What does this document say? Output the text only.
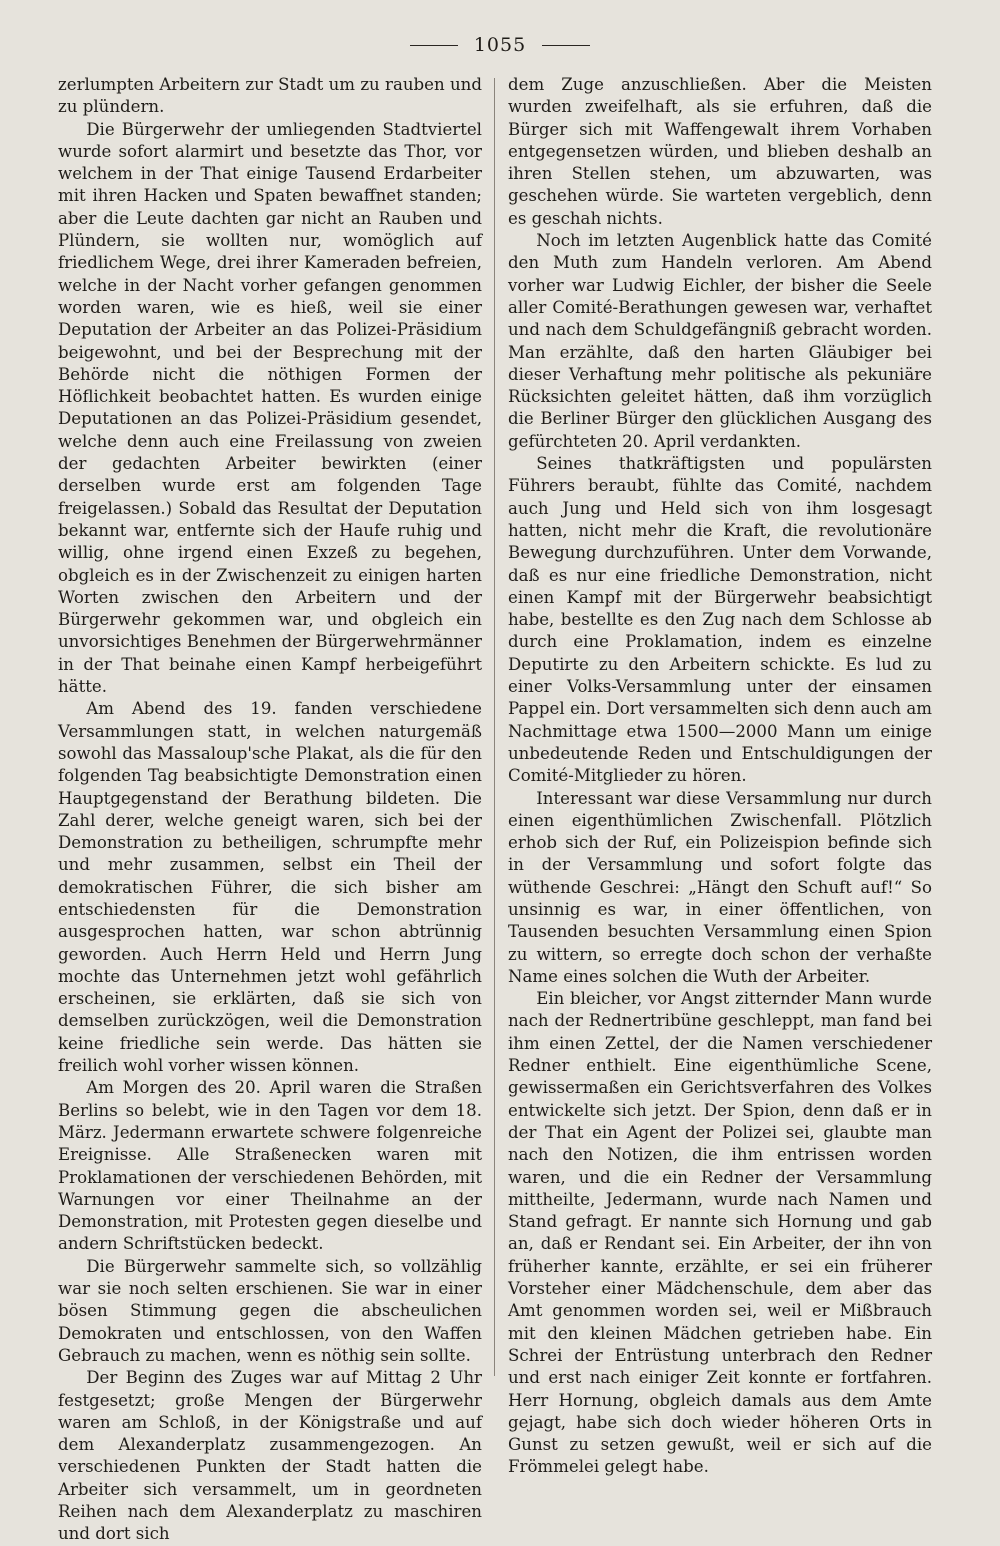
1055

zerlumpten Arbeitern zur Stadt um zu rauben und zu plündern.

Die Bürgerwehr der umliegenden Stadtviertel wurde sofort alarmirt und besetzte das Thor, vor welchem in der That einige Tausend Erdarbeiter mit ihren Hacken und Spaten bewaffnet standen; aber die Leute dachten gar nicht an Rauben und Plündern, sie wollten nur, womöglich auf friedlichem Wege, drei ihrer Kameraden befreien, welche in der Nacht vorher gefangen genommen worden waren, wie es hieß, weil sie einer Deputation der Arbeiter an das Polizei-Präsidium beigewohnt, und bei der Besprechung mit der Behörde nicht die nöthigen Formen der Höflichkeit beobachtet hatten. Es wurden einige Deputationen an das Polizei-Präsidium gesendet, welche denn auch eine Freilassung von zweien der gedachten Arbeiter bewirkten (einer derselben wurde erst am folgenden Tage freigelassen.) Sobald das Resultat der Deputation bekannt war, entfernte sich der Haufe ruhig und willig, ohne irgend einen Exzeß zu begehen, obgleich es in der Zwischenzeit zu einigen harten Worten zwischen den Arbeitern und der Bürgerwehr gekommen war, und obgleich ein unvorsichtiges Benehmen der Bürgerwehrmänner in der That beinahe einen Kampf herbeigeführt hätte.

Am Abend des 19. fanden verschiedene Versammlungen statt, in welchen naturgemäß sowohl das Massaloup'sche Plakat, als die für den folgenden Tag beabsichtigte Demonstration einen Hauptgegenstand der Berathung bildeten. Die Zahl derer, welche geneigt waren, sich bei der Demonstration zu betheiligen, schrumpfte mehr und mehr zusammen, selbst ein Theil der demokratischen Führer, die sich bisher am entschiedensten für die Demonstration ausgesprochen hatten, war schon abtrünnig geworden. Auch Herrn Held und Herrn Jung mochte das Unternehmen jetzt wohl gefährlich erscheinen, sie erklärten, daß sie sich von demselben zurückzögen, weil die Demonstration keine friedliche sein werde. Das hätten sie freilich wohl vorher wissen können.

Am Morgen des 20. April waren die Straßen Berlins so belebt, wie in den Tagen vor dem 18. März. Jedermann erwartete schwere folgenreiche Ereignisse. Alle Straßenecken waren mit Proklamationen der verschiedenen Behörden, mit Warnungen vor einer Theilnahme an der Demonstration, mit Protesten gegen dieselbe und andern Schriftstücken bedeckt.

Die Bürgerwehr sammelte sich, so vollzählig war sie noch selten erschienen. Sie war in einer bösen Stimmung gegen die abscheulichen Demokraten und entschlossen, von den Waffen Gebrauch zu machen, wenn es nöthig sein sollte.

Der Beginn des Zuges war auf Mittag 2 Uhr festgesetzt; große Mengen der Bürgerwehr waren am Schloß, in der Königstraße und auf dem Alexanderplatz zusammengezogen. An verschiedenen Punkten der Stadt hatten die Arbeiter sich versammelt, um in geordneten Reihen nach dem Alexanderplatz zu maschiren und dort sich

dem Zuge anzuschließen. Aber die Meisten wurden zweifelhaft, als sie erfuhren, daß die Bürger sich mit Waffengewalt ihrem Vorhaben entgegensetzen würden, und blieben deshalb an ihren Stellen stehen, um abzuwarten, was geschehen würde. Sie warteten vergeblich, denn es geschah nichts.

Noch im letzten Augenblick hatte das Comité den Muth zum Handeln verloren. Am Abend vorher war Ludwig Eichler, der bisher die Seele aller Comité-Berathungen gewesen war, verhaftet und nach dem Schuldgefängniß gebracht worden. Man erzählte, daß den harten Gläubiger bei dieser Verhaftung mehr politische als pekuniäre Rücksichten geleitet hätten, daß ihm vorzüglich die Berliner Bürger den glücklichen Ausgang des gefürchteten 20. April verdankten.

Seines thatkräftigsten und populärsten Führers beraubt, fühlte das Comité, nachdem auch Jung und Held sich von ihm losgesagt hatten, nicht mehr die Kraft, die revolutionäre Bewegung durchzuführen. Unter dem Vorwande, daß es nur eine friedliche Demonstration, nicht einen Kampf mit der Bürgerwehr beabsichtigt habe, bestellte es den Zug nach dem Schlosse ab durch eine Proklamation, indem es einzelne Deputirte zu den Arbeitern schickte. Es lud zu einer Volks-Versammlung unter der einsamen Pappel ein. Dort versammelten sich denn auch am Nachmittage etwa 1500—2000 Mann um einige unbedeutende Reden und Entschuldigungen der Comité-Mitglieder zu hören.

Interessant war diese Versammlung nur durch einen eigenthümlichen Zwischenfall. Plötzlich erhob sich der Ruf, ein Polizeispion befinde sich in der Versammlung und sofort folgte das wüthende Geschrei: „Hängt den Schuft auf!“ So unsinnig es war, in einer öffentlichen, von Tausenden besuchten Versammlung einen Spion zu wittern, so erregte doch schon der verhaßte Name eines solchen die Wuth der Arbeiter.

Ein bleicher, vor Angst zitternder Mann wurde nach der Rednertribüne geschleppt, man fand bei ihm einen Zettel, der die Namen verschiedener Redner enthielt. Eine eigenthümliche Scene, gewissermaßen ein Gerichtsverfahren des Volkes entwickelte sich jetzt. Der Spion, denn daß er in der That ein Agent der Polizei sei, glaubte man nach den Notizen, die ihm entrissen worden waren, und die ein Redner der Versammlung mittheilte, Jedermann, wurde nach Namen und Stand gefragt. Er nannte sich Hornung und gab an, daß er Rendant sei. Ein Arbeiter, der ihn von früherher kannte, erzählte, er sei ein früherer Vorsteher einer Mädchenschule, dem aber das Amt genommen worden sei, weil er Mißbrauch mit den kleinen Mädchen getrieben habe. Ein Schrei der Entrüstung unterbrach den Redner und erst nach einiger Zeit konnte er fortfahren. Herr Hornung, obgleich damals aus dem Amte gejagt, habe sich doch wieder höheren Orts in Gunst zu setzen gewußt, weil er sich auf die Frömmelei gelegt habe.
